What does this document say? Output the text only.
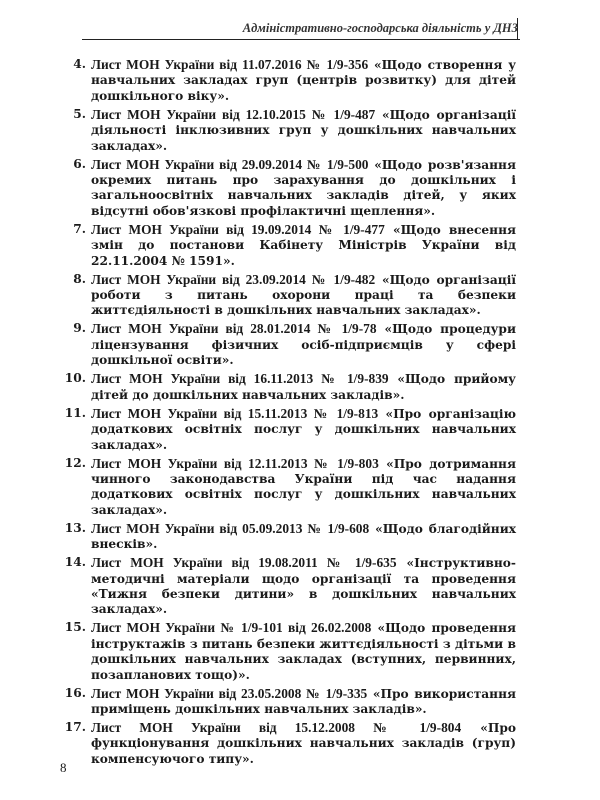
Адміністративно-господарська діяльність у ДНЗ
4. Лист МОН України від 11.07.2016 № 1/9-356 «Щодо створення у навчальних закладах груп (центрів розвитку) для дітей дошкільного віку».
5. Лист МОН України від 12.10.2015 № 1/9-487 «Щодо організації діяльності інклюзивних груп у дошкільних навчальних закладах».
6. Лист МОН України від 29.09.2014 № 1/9-500 «Щодо розв'язання окремих питань про зарахування до дошкільних і загальноосвітніх навчальних закладів дітей, у яких відсутні обов'язкові профілактичні щеплення».
7. Лист МОН України від 19.09.2014 № 1/9-477 «Щодо внесення змін до постанови Кабінету Міністрів України від 22.11.2004 № 1591».
8. Лист МОН України від 23.09.2014 № 1/9-482 «Щодо організації роботи з питань охорони праці та безпеки життєдіяльності в дошкільних навчальних закладах».
9. Лист МОН України від 28.01.2014 № 1/9-78 «Щодо процедури ліцензування фізичних осіб-підприємців у сфері дошкільної освіти».
10. Лист МОН України від 16.11.2013 № 1/9-839 «Щодо прийому дітей до дошкільних навчальних закладів».
11. Лист МОН України від 15.11.2013 № 1/9-813 «Про організацію додаткових освітніх послуг у дошкільних навчальних закладах».
12. Лист МОН України від 12.11.2013 № 1/9-803 «Про дотримання чинного законодавства України під час надання додаткових освітніх послуг у дошкільних навчальних закладах».
13. Лист МОН України від 05.09.2013 № 1/9-608 «Щодо благодійних внесків».
14. Лист МОН України від 19.08.2011 № 1/9-635 «Інструктивно-методичні матеріали щодо організації та проведення «Тижня безпеки дитини» в дошкільних навчальних закладах».
15. Лист МОН України № 1/9-101 від 26.02.2008 «Щодо проведення інструктажів з питань безпеки життєдіяльності з дітьми в дошкільних навчальних закладах (вступних, первинних, позапланових тощо)».
16. Лист МОН України від 23.05.2008 № 1/9-335 «Про використання приміщень дошкільних навчальних закладів».
17. Лист МОН України від 15.12.2008 № 1/9-804 «Про функціонування дошкільних навчальних закладів (груп) компенсуючого типу».
8
